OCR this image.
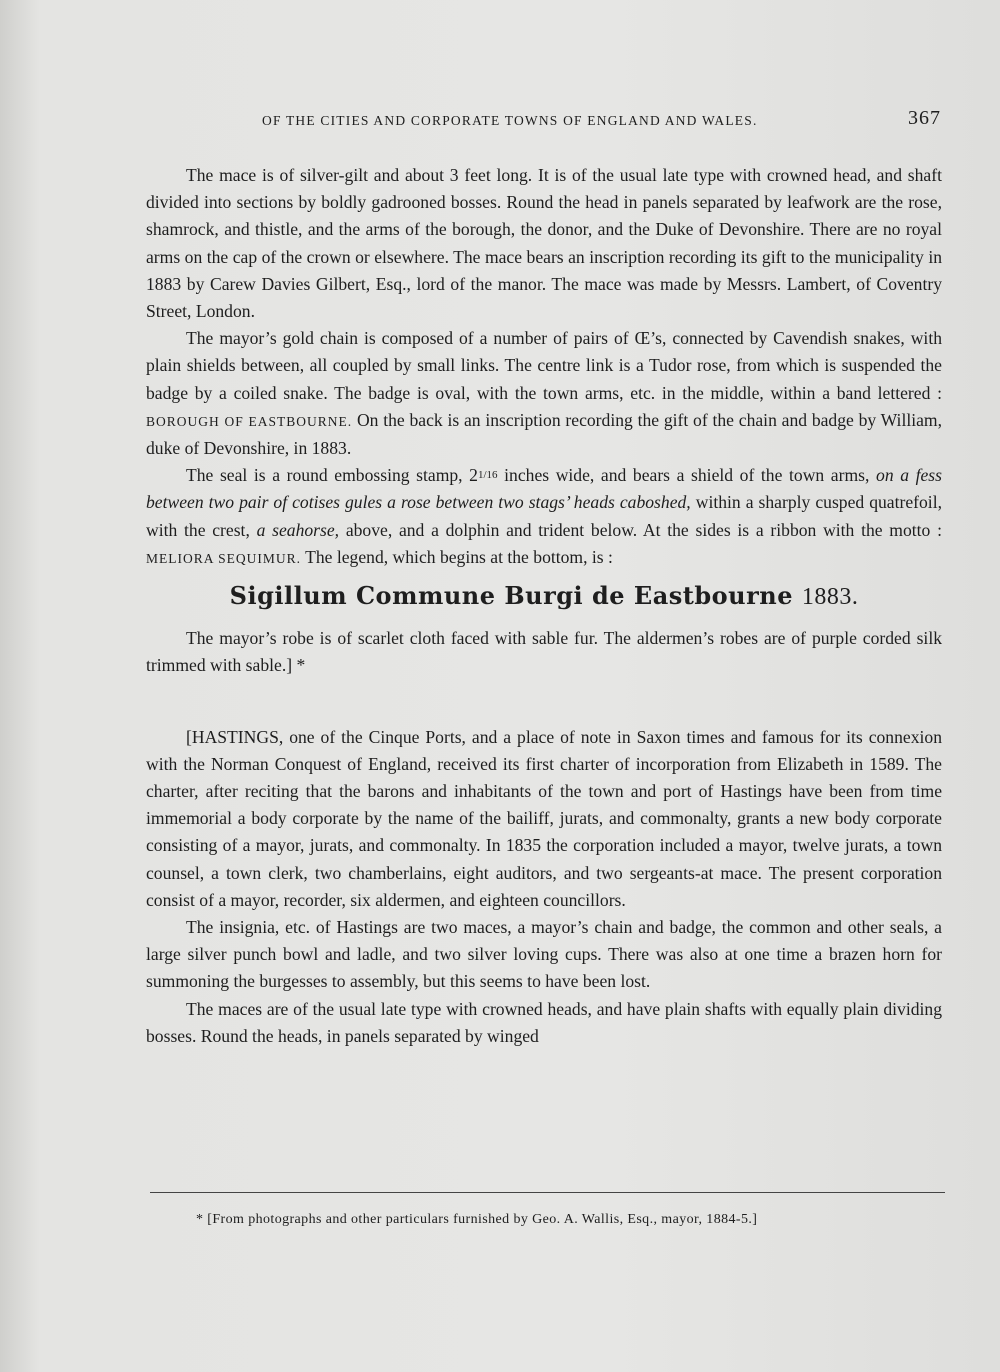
OF THE CITIES AND CORPORATE TOWNS OF ENGLAND AND WALES.	367

The mace is of silver-gilt and about 3 feet long. It is of the usual late type with crowned head, and shaft divided into sections by boldly gadrooned bosses. Round the head in panels separated by leafwork are the rose, shamrock, and thistle, and the arms of the borough, the donor, and the Duke of Devonshire. There are no royal arms on the cap of the crown or elsewhere. The mace bears an inscription recording its gift to the municipality in 1883 by Carew Davies Gilbert, Esq., lord of the manor. The mace was made by Messrs. Lambert, of Coventry Street, London.

The mayor’s gold chain is composed of a number of pairs of Œ’s, connected by Cavendish snakes, with plain shields between, all coupled by small links. The centre link is a Tudor rose, from which is suspended the badge by a coiled snake. The badge is oval, with the town arms, etc. in the middle, within a band lettered : BOROUGH OF EASTBOURNE. On the back is an inscription recording the gift of the chain and badge by William, duke of Devonshire, in 1883.

The seal is a round embossing stamp, 21/16 inches wide, and bears a shield of the town arms, on a fess between two pair of cotises gules a rose between two stags’ heads caboshed, within a sharply cusped quatrefoil, with the crest, a seahorse, above, and a dolphin and trident below. At the sides is a ribbon with the motto : MELIORA SEQUIMUR. The legend, which begins at the bottom, is :

Sigillum Commune Burgi de Eastbourne 1883.

The mayor’s robe is of scarlet cloth faced with sable fur. The aldermen’s robes are of purple corded silk trimmed with sable.] *

[HASTINGS, one of the Cinque Ports, and a place of note in Saxon times and famous for its connexion with the Norman Conquest of England, received its first charter of incorporation from Elizabeth in 1589. The charter, after reciting that the barons and inhabitants of the town and port of Hastings have been from time immemorial a body corporate by the name of the bailiff, jurats, and commonalty, grants a new body corporate consisting of a mayor, jurats, and commonalty. In 1835 the corporation included a mayor, twelve jurats, a town counsel, a town clerk, two chamberlains, eight auditors, and two sergeants-at mace. The present corporation consist of a mayor, recorder, six aldermen, and eighteen councillors.

The insignia, etc. of Hastings are two maces, a mayor’s chain and badge, the common and other seals, a large silver punch bowl and ladle, and two silver loving cups. There was also at one time a brazen horn for summoning the burgesses to assembly, but this seems to have been lost.

The maces are of the usual late type with crowned heads, and have plain shafts with equally plain dividing bosses. Round the heads, in panels separated by winged

* [From photographs and other particulars furnished by Geo. A. Wallis, Esq., mayor, 1884-5.]
